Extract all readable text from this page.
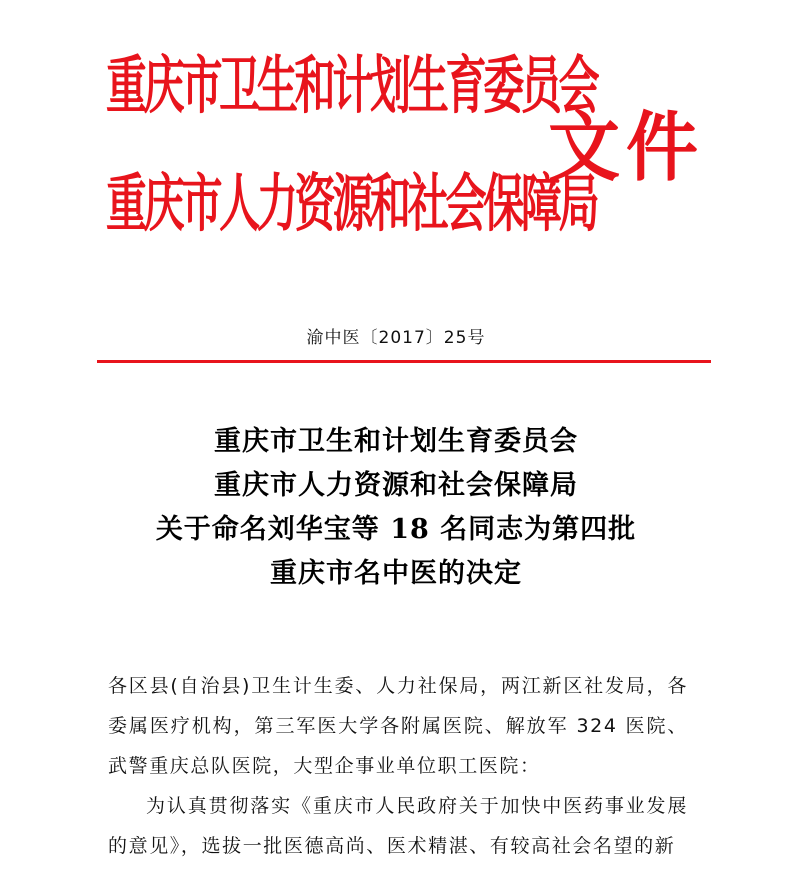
重庆市卫生和计划生育委员会
重庆市人力资源和社会保障局
文件
渝中医〔2017〕25号
重庆市卫生和计划生育委员会
重庆市人力资源和社会保障局
关于命名刘华宝等 18 名同志为第四批
重庆市名中医的决定

各区县(自治县)卫生计生委、人力社保局，两江新区社发局，各委属医疗机构，第三军医大学各附属医院、解放军 324 医院、武警重庆总队医院，大型企事业单位职工医院：

为认真贯彻落实《重庆市人民政府关于加快中医药事业发展的意见》，选拔一批医德高尚、医术精湛、有较高社会名望的新
